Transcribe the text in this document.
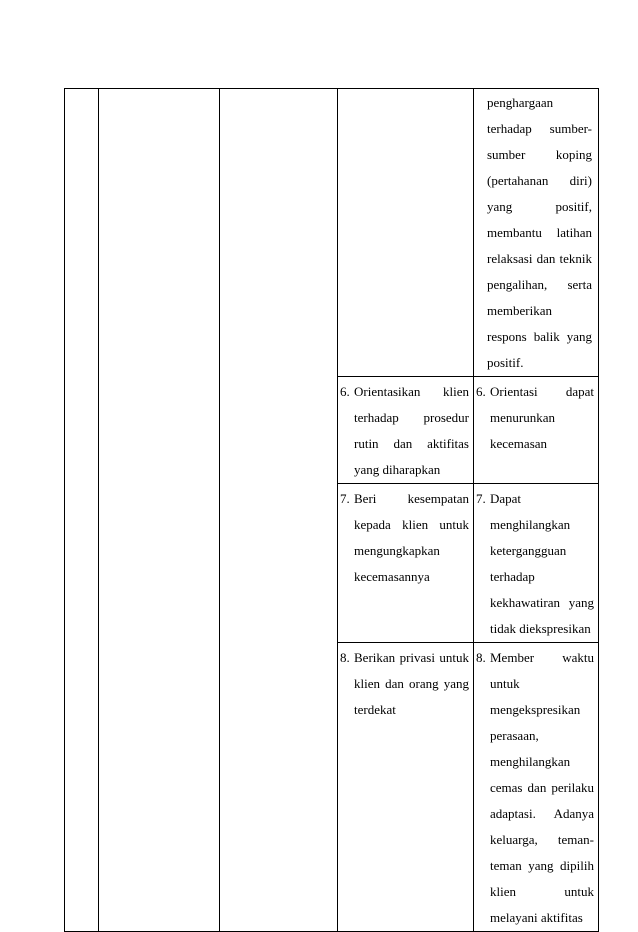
				penghargaan terhadap sumber-sumber koping (pertahanan diri) yang positif, membantu latihan relaksasi dan teknik pengalihan, serta memberikan respons balik yang positif.

			6. Orientasikan klien terhadap prosedur rutin dan aktifitas yang diharapkan	6. Orientasi dapat menurunkan kecemasan

			7. Beri kesempatan kepada klien untuk mengungkapkan kecemasannya	7. Dapat menghilangkan ketergangguan terhadap kekhawatiran yang tidak diekspresikan

			8. Berikan privasi untuk klien dan orang yang terdekat	8. Member waktu untuk mengekspresikan perasaan, menghilangkan cemas dan perilaku adaptasi. Adanya keluarga, teman-teman yang dipilih klien untuk melayani aktifitas
